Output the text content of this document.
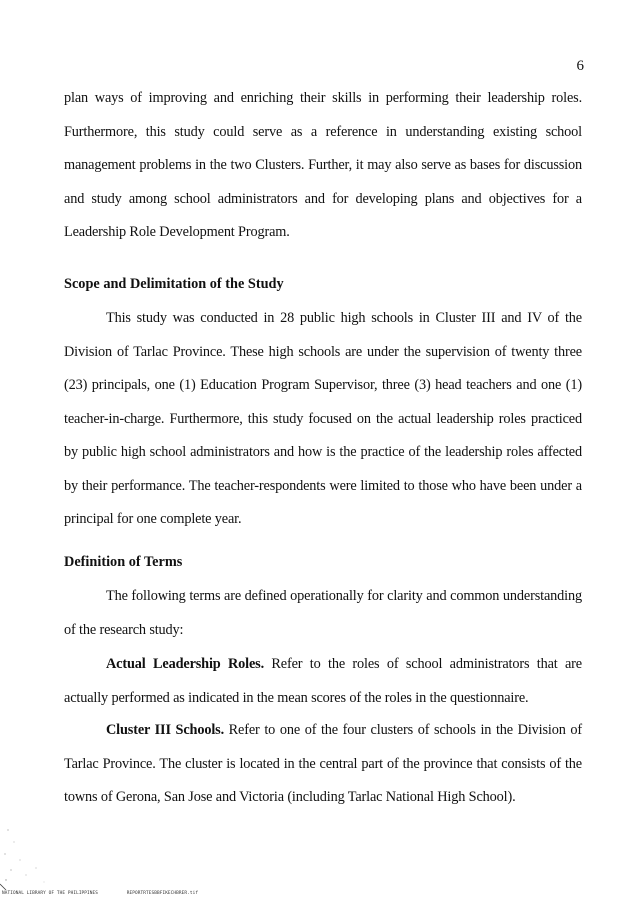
6
plan ways of improving and enriching their skills in performing their leadership roles. Furthermore, this study could serve as a reference in understanding existing school management problems in the two Clusters. Further, it may also serve as bases for discussion and study among school administrators and for developing plans and objectives for a Leadership Role Development Program.
Scope and Delimitation of the Study
This study was conducted in 28 public high schools in Cluster III and IV of the Division of Tarlac Province. These high schools are under the supervision of twenty three (23) principals, one (1) Education Program Supervisor, three (3) head teachers and one (1) teacher-in-charge. Furthermore, this study focused on the actual leadership roles practiced by public high school administrators and how is the practice of the leadership roles affected by their performance. The teacher-respondents were limited to those who have been under a principal for one complete year.
Definition of Terms
The following terms are defined operationally for clarity and common understanding of the research study:
Actual Leadership Roles. Refer to the roles of school administrators that are actually performed as indicated in the mean scores of the roles in the questionnaire.
Cluster III Schools. Refer to one of the four clusters of schools in the Division of Tarlac Province. The cluster is located in the central part of the province that consists of the towns of Gerona, San Jose and Victoria (including Tarlac National High School).
NATIONAL LIBRARY OF THE PHILIPPINES	REPORTRTESBBFIKECHBRER.tif
